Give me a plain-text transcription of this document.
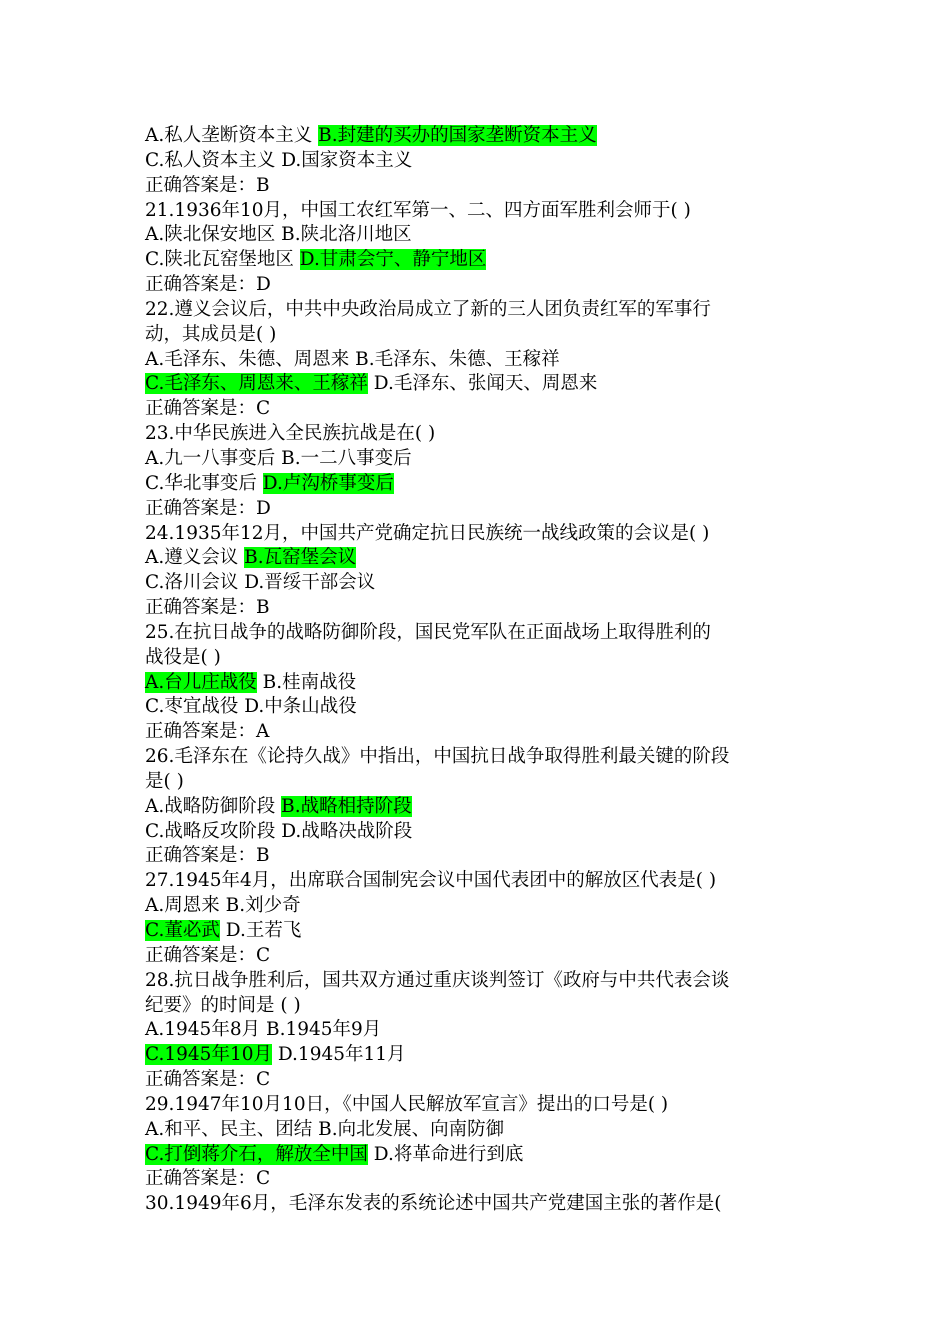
A.私人垄断资本主义 B.封建的买办的国家垄断资本主义
C.私人资本主义 D.国家资本主义
正确答案是：B
21.1936年10月，中国工农红军第一、二、四方面军胜利会师于( )
A.陕北保安地区 B.陕北洛川地区
C.陕北瓦窑堡地区 D.甘肃会宁、静宁地区
正确答案是：D
22.遵义会议后，中共中央政治局成立了新的三人团负责红军的军事行
动，其成员是( )
A.毛泽东、朱德、周恩来 B.毛泽东、朱德、王稼祥
C.毛泽东、周恩来、王稼祥 D.毛泽东、张闻天、周恩来
正确答案是：C
23.中华民族进入全民族抗战是在( )
A.九一八事变后 B.一二八事变后
C.华北事变后 D.卢沟桥事变后
正确答案是：D
24.1935年12月，中国共产党确定抗日民族统一战线政策的会议是( )
A.遵义会议 B.瓦窑堡会议
C.洛川会议 D.晋绥干部会议
正确答案是：B
25.在抗日战争的战略防御阶段，国民党军队在正面战场上取得胜利的
战役是( )
A.台儿庄战役 B.桂南战役
C.枣宜战役 D.中条山战役
正确答案是：A
26.毛泽东在《论持久战》中指出，中国抗日战争取得胜利最关键的阶段
是( )
A.战略防御阶段 B.战略相持阶段
C.战略反攻阶段 D.战略决战阶段
正确答案是：B
27.1945年4月，出席联合国制宪会议中国代表团中的解放区代表是( )
A.周恩来 B.刘少奇
C.董必武 D.王若飞
正确答案是：C
28.抗日战争胜利后，国共双方通过重庆谈判签订《政府与中共代表会谈
纪要》的时间是 ( )
A.1945年8月 B.1945年9月
C.1945年10月 D.1945年11月
正确答案是：C
29.1947年10月10日，《中国人民解放军宣言》提出的口号是( )
A.和平、民主、团结 B.向北发展、向南防御
C.打倒蒋介石，解放全中国 D.将革命进行到底
正确答案是：C
30.1949年6月，毛泽东发表的系统论述中国共产党建国主张的著作是(
